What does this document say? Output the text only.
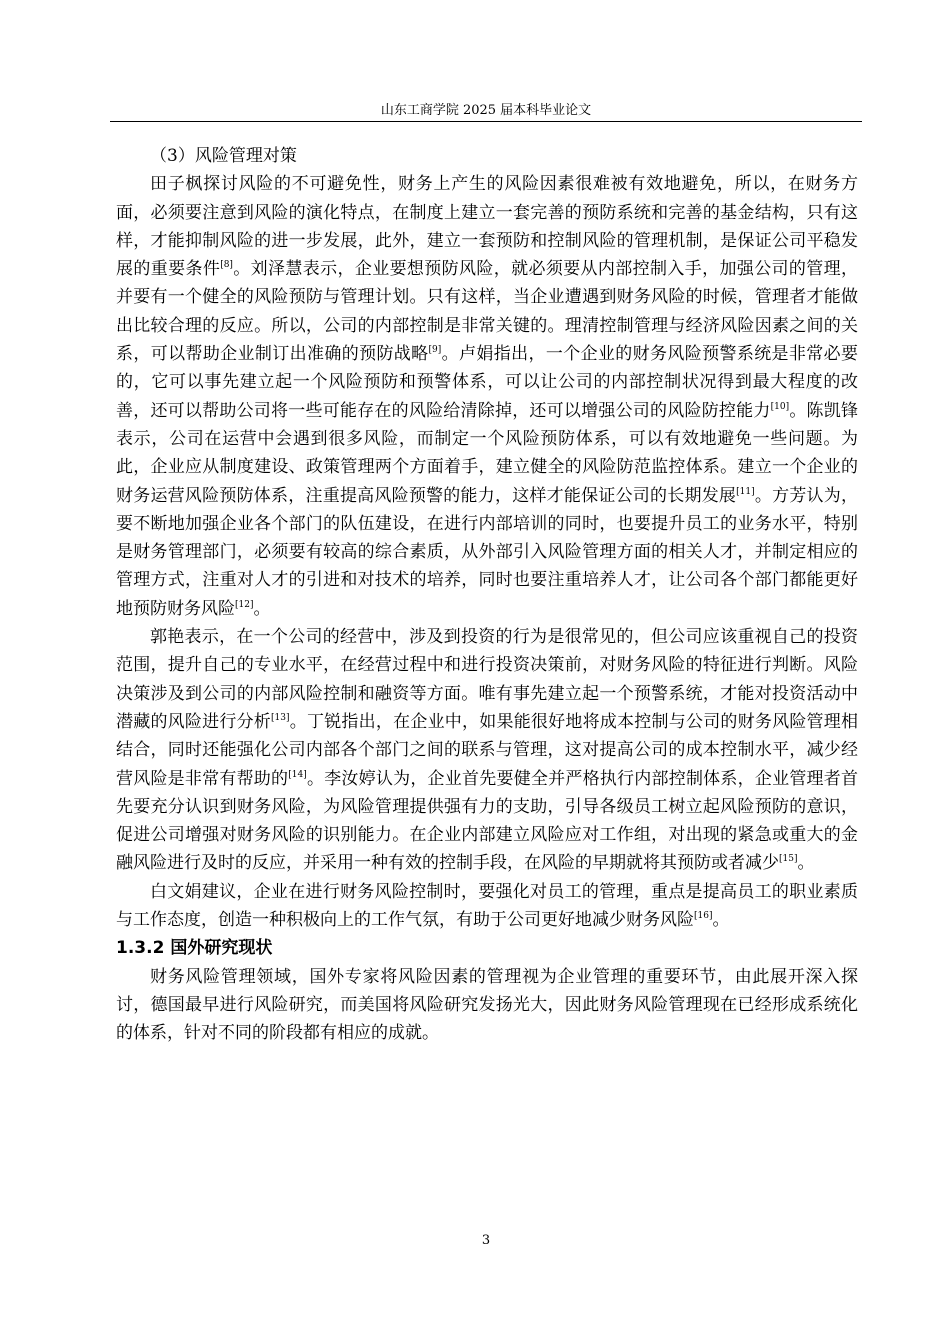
山东工商学院 2025 届本科毕业论文
（3）风险管理对策

田子枫探讨风险的不可避免性，财务上产生的风险因素很难被有效地避免，所以，在财务方面，必须要注意到风险的演化特点，在制度上建立一套完善的预防系统和完善的基金结构，只有这样，才能抑制风险的进一步发展，此外，建立一套预防和控制风险的管理机制，是保证公司平稳发展的重要条件[8]。刘泽慧表示，企业要想预防风险，就必须要从内部控制入手，加强公司的管理，并要有一个健全的风险预防与管理计划。只有这样，当企业遭遇到财务风险的时候，管理者才能做出比较合理的反应。所以，公司的内部控制是非常关键的。理清控制管理与经济风险因素之间的关系，可以帮助企业制订出准确的预防战略[9]。卢娟指出，一个企业的财务风险预警系统是非常必要的，它可以事先建立起一个风险预防和预警体系，可以让公司的内部控制状况得到最大程度的改善，还可以帮助公司将一些可能存在的风险给清除掉，还可以增强公司的风险防控能力[10]。陈凯锋表示，公司在运营中会遇到很多风险，而制定一个风险预防体系，可以有效地避免一些问题。为此，企业应从制度建设、政策管理两个方面着手，建立健全的风险防范监控体系。建立一个企业的财务运营风险预防体系，注重提高风险预警的能力，这样才能保证公司的长期发展[11]。方芳认为，要不断地加强企业各个部门的队伍建设，在进行内部培训的同时，也要提升员工的业务水平，特别是财务管理部门，必须要有较高的综合素质，从外部引入风险管理方面的相关人才，并制定相应的管理方式，注重对人才的引进和对技术的培养，同时也要注重培养人才，让公司各个部门都能更好地预防财务风险[12]。

郭艳表示，在一个公司的经营中，涉及到投资的行为是很常见的，但公司应该重视自己的投资范围，提升自己的专业水平，在经营过程中和进行投资决策前，对财务风险的特征进行判断。风险决策涉及到公司的内部风险控制和融资等方面。唯有事先建立起一个预警系统，才能对投资活动中潜藏的风险进行分析[13]。丁锐指出，在企业中，如果能很好地将成本控制与公司的财务风险管理相结合，同时还能强化公司内部各个部门之间的联系与管理，这对提高公司的成本控制水平，减少经营风险是非常有帮助的[14]。李汝婷认为，企业首先要健全并严格执行内部控制体系，企业管理者首先要充分认识到财务风险，为风险管理提供强有力的支助，引导各级员工树立起风险预防的意识，促进公司增强对财务风险的识别能力。在企业内部建立风险应对工作组，对出现的紧急或重大的金融风险进行及时的反应，并采用一种有效的控制手段，在风险的早期就将其预防或者减少[15]。

白文娟建议，企业在进行财务风险控制时，要强化对员工的管理，重点是提高员工的职业素质与工作态度，创造一种积极向上的工作气氛，有助于公司更好地减少财务风险[16]。

1.3.2 国外研究现状

财务风险管理领域，国外专家将风险因素的管理视为企业管理的重要环节，由此展开深入探讨，德国最早进行风险研究，而美国将风险研究发扬光大，因此财务风险管理现在已经形成系统化的体系，针对不同的阶段都有相应的成就。

3
